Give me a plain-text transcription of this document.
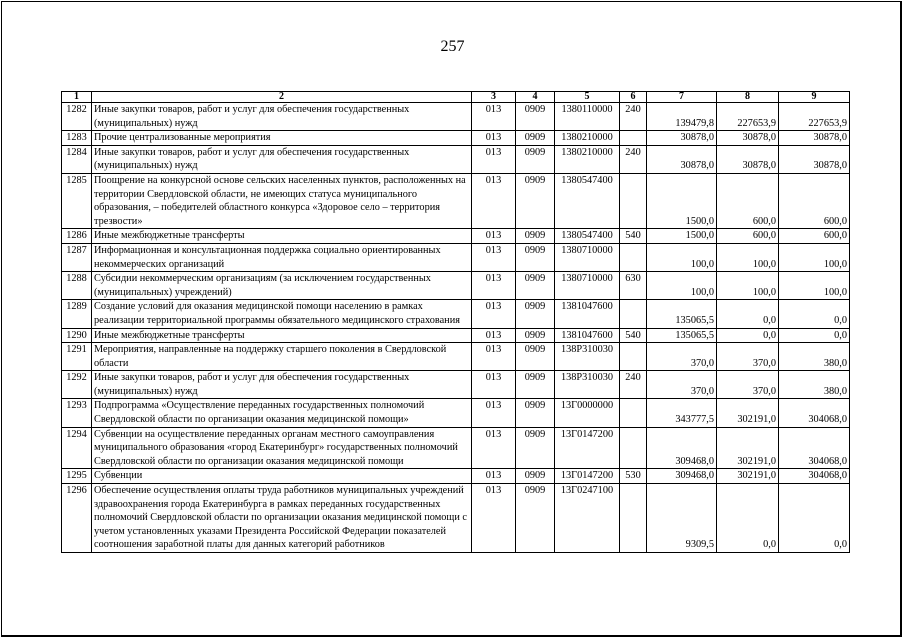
257
1	2	3	4	5	6	7	8	9
1282	Иные закупки товаров, работ и услуг для обеспечения государственных (муниципальных) нужд	013	0909	1380110000	240	139479,8	227653,9	227653,9
1283	Прочие централизованные мероприятия	013	0909	1380210000		30878,0	30878,0	30878,0
1284	Иные закупки товаров, работ и услуг для обеспечения государственных (муниципальных) нужд	013	0909	1380210000	240	30878,0	30878,0	30878,0
1285	Поощрение на конкурсной основе сельских населенных пунктов, расположенных на территории Свердловской области, не имеющих статуса муниципального образования, – победителей областного конкурса «Здоровое село – территория трезвости»	013	0909	1380547400		1500,0	600,0	600,0
1286	Иные межбюджетные трансферты	013	0909	1380547400	540	1500,0	600,0	600,0
1287	Информационная и консультационная поддержка социально ориентированных некоммерческих организаций	013	0909	1380710000		100,0	100,0	100,0
1288	Субсидии некоммерческим организациям (за исключением государственных (муниципальных) учреждений)	013	0909	1380710000	630	100,0	100,0	100,0
1289	Создание условий для оказания медицинской помощи населению в рамках реализации территориальной программы обязательного медицинского страхования	013	0909	1381047600		135065,5	0,0	0,0
1290	Иные межбюджетные трансферты	013	0909	1381047600	540	135065,5	0,0	0,0
1291	Мероприятия, направленные на поддержку старшего поколения в Свердловской области	013	0909	138P310030		370,0	370,0	380,0
1292	Иные закупки товаров, работ и услуг для обеспечения государственных (муниципальных) нужд	013	0909	138P310030	240	370,0	370,0	380,0
1293	Подпрограмма «Осуществление переданных государственных полномочий Свердловской области по организации оказания медицинской помощи»	013	0909	13Г0000000		343777,5	302191,0	304068,0
1294	Субвенции на осуществление переданных органам местного самоуправления муниципального образования «город Екатеринбург» государственных полномочий Свердловской области по организации оказания медицинской помощи	013	0909	13Г0147200		309468,0	302191,0	304068,0
1295	Субвенции	013	0909	13Г0147200	530	309468,0	302191,0	304068,0
1296	Обеспечение осуществления оплаты труда работников муниципальных учреждений здравоохранения города Екатеринбурга в рамках переданных государственных полномочий Свердловской области по организации оказания медицинской помощи с учетом установленных указами Президента Российской Федерации показателей соотношения заработной платы для данных категорий работников	013	0909	13Г0247100		9309,5	0,0	0,0
